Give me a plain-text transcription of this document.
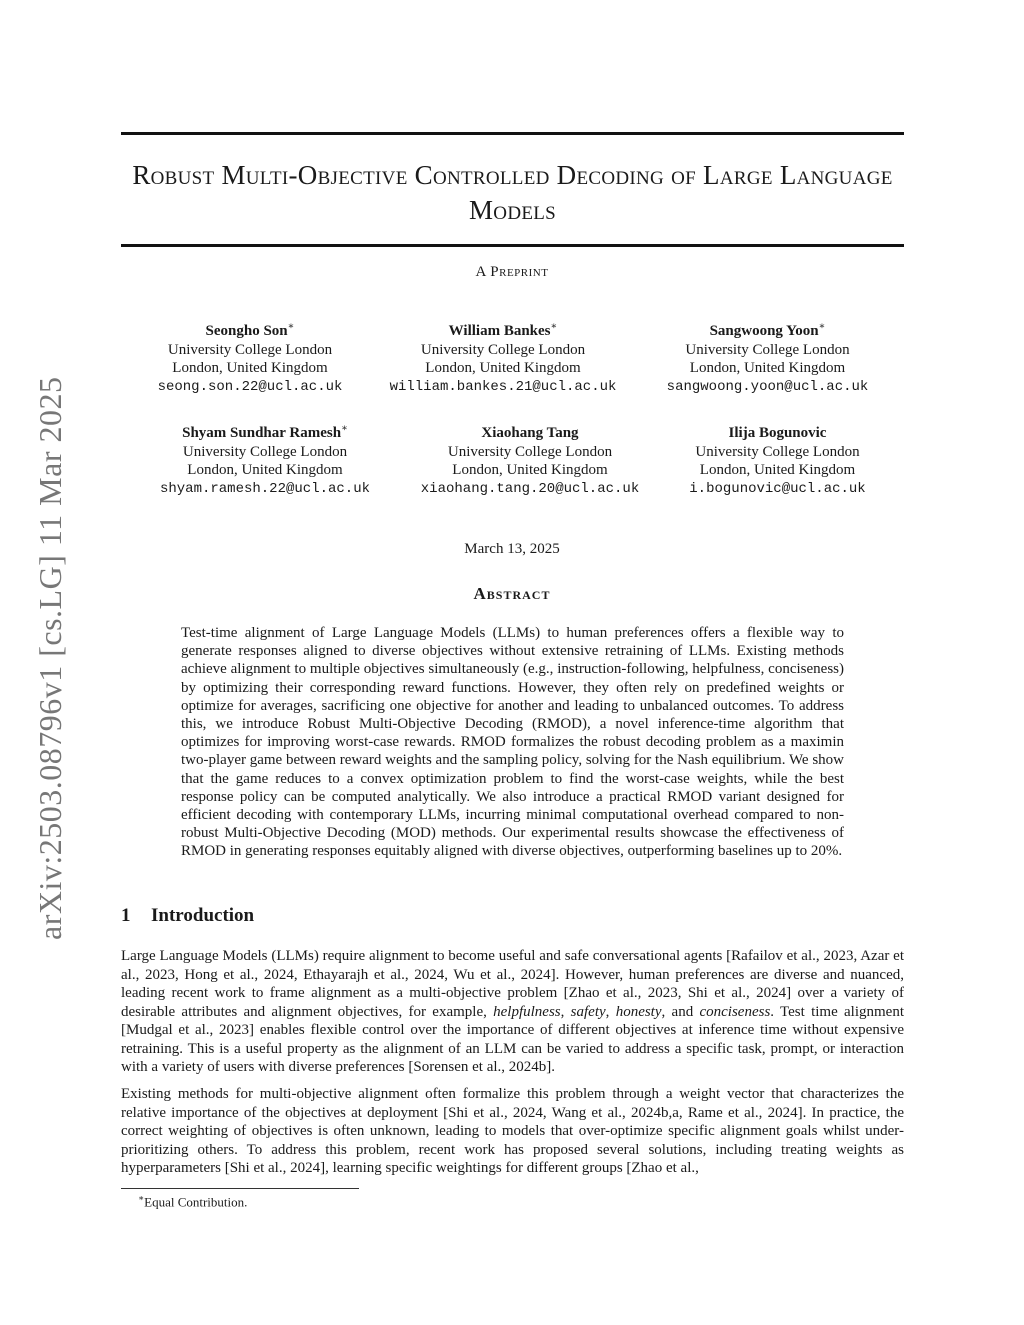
arXiv:2503.08796v1 [cs.LG] 11 Mar 2025
Robust Multi-Objective Controlled Decoding of Large Language Models
A Preprint
Seongho Son∗
University College London
London, United Kingdom
seong.son.22@ucl.ac.uk
William Bankes∗
University College London
London, United Kingdom
william.bankes.21@ucl.ac.uk
Sangwoong Yoon∗
University College London
London, United Kingdom
sangwoong.yoon@ucl.ac.uk
Shyam Sundhar Ramesh∗
University College London
London, United Kingdom
shyam.ramesh.22@ucl.ac.uk
Xiaohang Tang
University College London
London, United Kingdom
xiaohang.tang.20@ucl.ac.uk
Ilija Bogunovic
University College London
London, United Kingdom
i.bogunovic@ucl.ac.uk
March 13, 2025
Abstract
Test-time alignment of Large Language Models (LLMs) to human preferences offers a flexible way to generate responses aligned to diverse objectives without extensive retraining of LLMs. Existing methods achieve alignment to multiple objectives simultaneously (e.g., instruction-following, helpfulness, conciseness) by optimizing their corresponding reward functions. However, they often rely on predefined weights or optimize for averages, sacrificing one objective for another and leading to unbalanced outcomes. To address this, we introduce Robust Multi-Objective Decoding (RMOD), a novel inference-time algorithm that optimizes for improving worst-case rewards. RMOD formalizes the robust decoding problem as a maximin two-player game between reward weights and the sampling policy, solving for the Nash equilibrium. We show that the game reduces to a convex optimization problem to find the worst-case weights, while the best response policy can be computed analytically. We also introduce a practical RMOD variant designed for efficient decoding with contemporary LLMs, incurring minimal computational overhead compared to non-robust Multi-Objective Decoding (MOD) methods. Our experimental results showcase the effectiveness of RMOD in generating responses equitably aligned with diverse objectives, outperforming baselines up to 20%.
1 Introduction
Large Language Models (LLMs) require alignment to become useful and safe conversational agents [Rafailov et al., 2023, Azar et al., 2023, Hong et al., 2024, Ethayarajh et al., 2024, Wu et al., 2024]. However, human preferences are diverse and nuanced, leading recent work to frame alignment as a multi-objective problem [Zhao et al., 2023, Shi et al., 2024] over a variety of desirable attributes and alignment objectives, for example, helpfulness, safety, honesty, and conciseness. Test time alignment [Mudgal et al., 2023] enables flexible control over the importance of different objectives at inference time without expensive retraining. This is a useful property as the alignment of an LLM can be varied to address a specific task, prompt, or interaction with a variety of users with diverse preferences [Sorensen et al., 2024b].
Existing methods for multi-objective alignment often formalize this problem through a weight vector that characterizes the relative importance of the objectives at deployment [Shi et al., 2024, Wang et al., 2024b,a, Rame et al., 2024]. In practice, the correct weighting of objectives is often unknown, leading to models that over-optimize specific alignment goals whilst under-prioritizing others. To address this problem, recent work has proposed several solutions, including treating weights as hyperparameters [Shi et al., 2024], learning specific weightings for different groups [Zhao et al.,
∗Equal Contribution.
